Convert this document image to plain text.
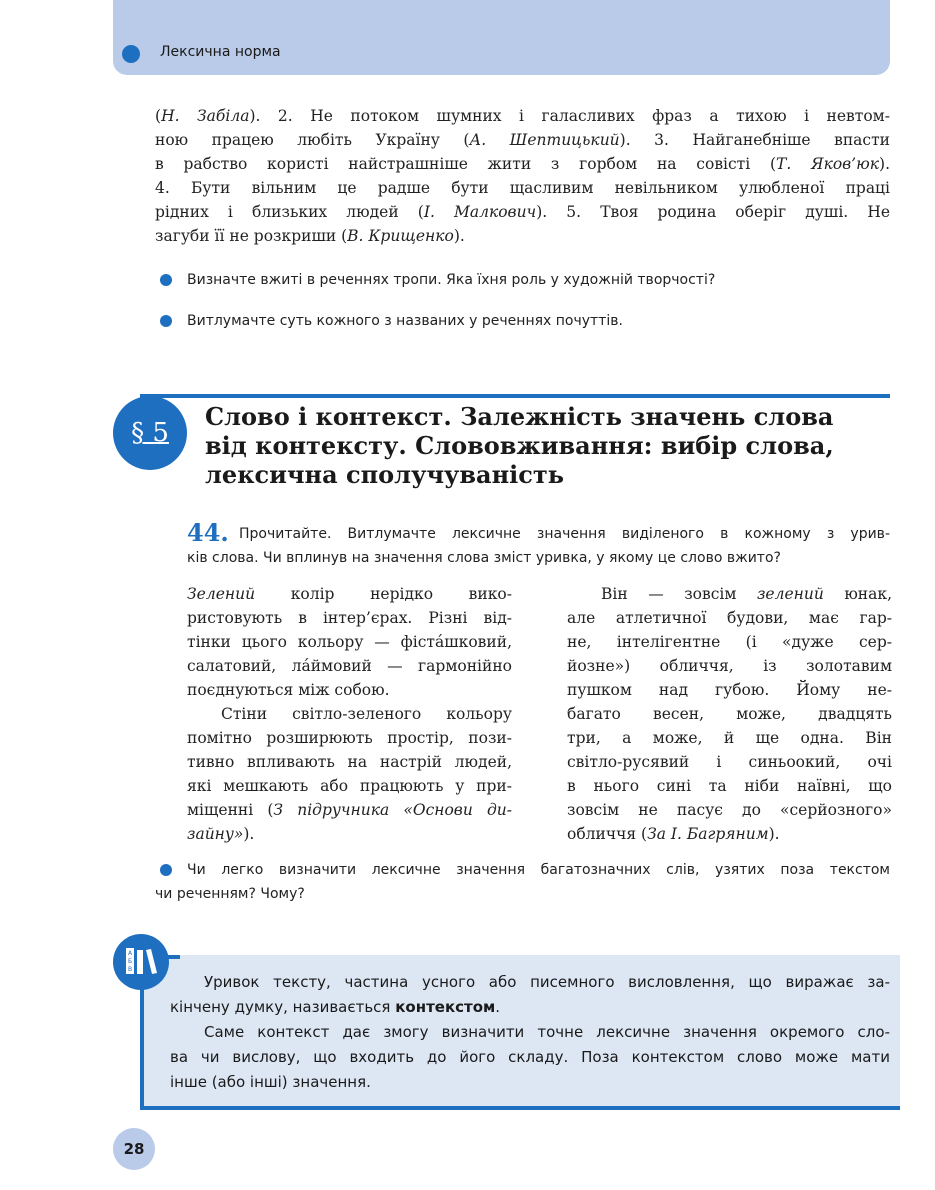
Лексична норма
(Н. Забіла). 2. Не потоком шумних і галасливих фраз а тихою і невтом-
ною працею любіть Україну (А. Шептицький). 3. Найганебніше впасти
в рабство користі найстрашніше жити з горбом на совісті (Т. Яков’юк).
4. Бути вільним це радше бути щасливим невільником улюбленої праці
рідних і близьких людей (І. Малкович). 5. Твоя родина оберіг душі. Не
загуби її не розкриши (В. Крищенко).
Визначте вжиті в реченнях тропи. Яка їхня роль у художній творчості?
Витлумачте суть кожного з названих у реченнях почуттів.
§ 5
Слово і контекст. Залежність значень слова
від контексту. Слововживання: вибір слова,
лексична сполучуваність
44. Прочитайте. Витлумачте лексичне значення виділеного в кожному з урив-
ків слова. Чи вплинув на значення слова зміст уривка, у якому це слово вжито?
Зелений колір нерідко вико-
ристовують в інтер’єрах. Різні від-
тінки цього кольору — фіста́шковий,
салатовий, ла́ймовий — гармонійно
поєднуються між собою.
Стіни світло-зеленого кольору
помітно розширюють простір, пози-
тивно впливають на настрій людей,
які мешкають або працюють у при-
міщенні (З підручника «Основи ди-
зайну»).
Він — зовсім зелений юнак,
але атлетичної будови, має гар-
не, інтелігентне (і «дуже сер-
йозне») обличчя, із золотавим
пушком над губою. Йому не-
багато весен, може, двадцять
три, а може, й ще одна. Він
світло-русявий і синьоокий, очі
в нього сині та ніби наївні, що
зовсім не пасує до «серйозного»
обличчя (За І. Багряним).
Чи легко визначити лексичне значення багатозначних слів, узятих поза текстом
чи реченням? Чому?
А
Б
В
Уривок тексту, частина усного або писемного висловлення, що виражає за-
кінчену думку, називається контекстом.
Саме контекст дає змогу визначити точне лексичне значення окремого сло-
ва чи вислову, що входить до його складу. Поза контекстом слово може мати
інше (або інші) значення.
28
